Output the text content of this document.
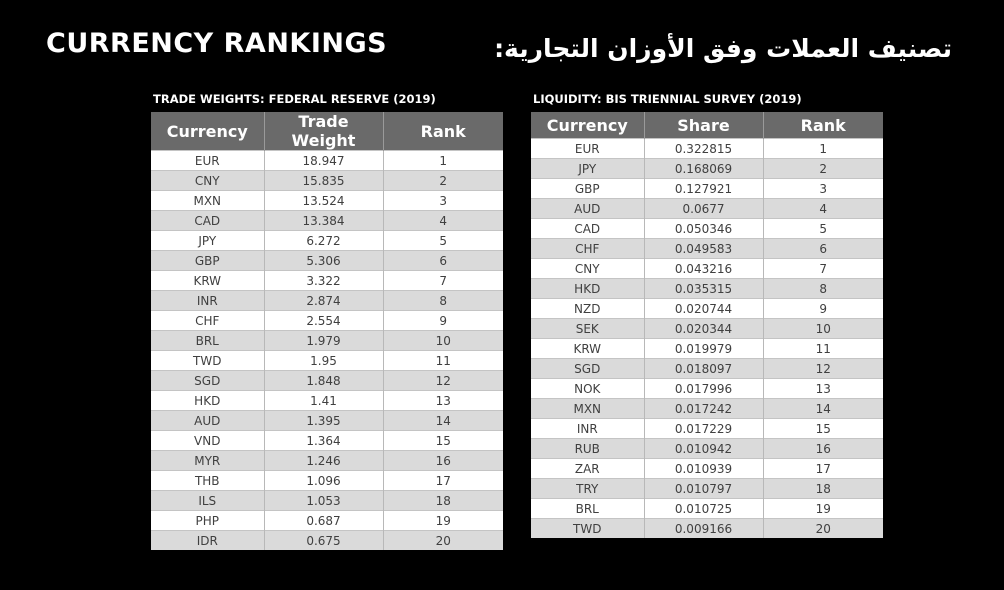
CURRENCY RANKINGS	تصنيف العملات وفق الأوزان التجارية:
TRADE WEIGHTS: FEDERAL RESERVE (2019)
Currency	Trade Weight	Rank
EUR	18.947	1
CNY	15.835	2
MXN	13.524	3
CAD	13.384	4
JPY	6.272	5
GBP	5.306	6
KRW	3.322	7
INR	2.874	8
CHF	2.554	9
BRL	1.979	10
TWD	1.95	11
SGD	1.848	12
HKD	1.41	13
AUD	1.395	14
VND	1.364	15
MYR	1.246	16
THB	1.096	17
ILS	1.053	18
PHP	0.687	19
IDR	0.675	20
LIQUIDITY: BIS TRIENNIAL SURVEY (2019)
Currency	Share	Rank
EUR	0.322815	1
JPY	0.168069	2
GBP	0.127921	3
AUD	0.0677	4
CAD	0.050346	5
CHF	0.049583	6
CNY	0.043216	7
HKD	0.035315	8
NZD	0.020744	9
SEK	0.020344	10
KRW	0.019979	11
SGD	0.018097	12
NOK	0.017996	13
MXN	0.017242	14
INR	0.017229	15
RUB	0.010942	16
ZAR	0.010939	17
TRY	0.010797	18
BRL	0.010725	19
TWD	0.009166	20
